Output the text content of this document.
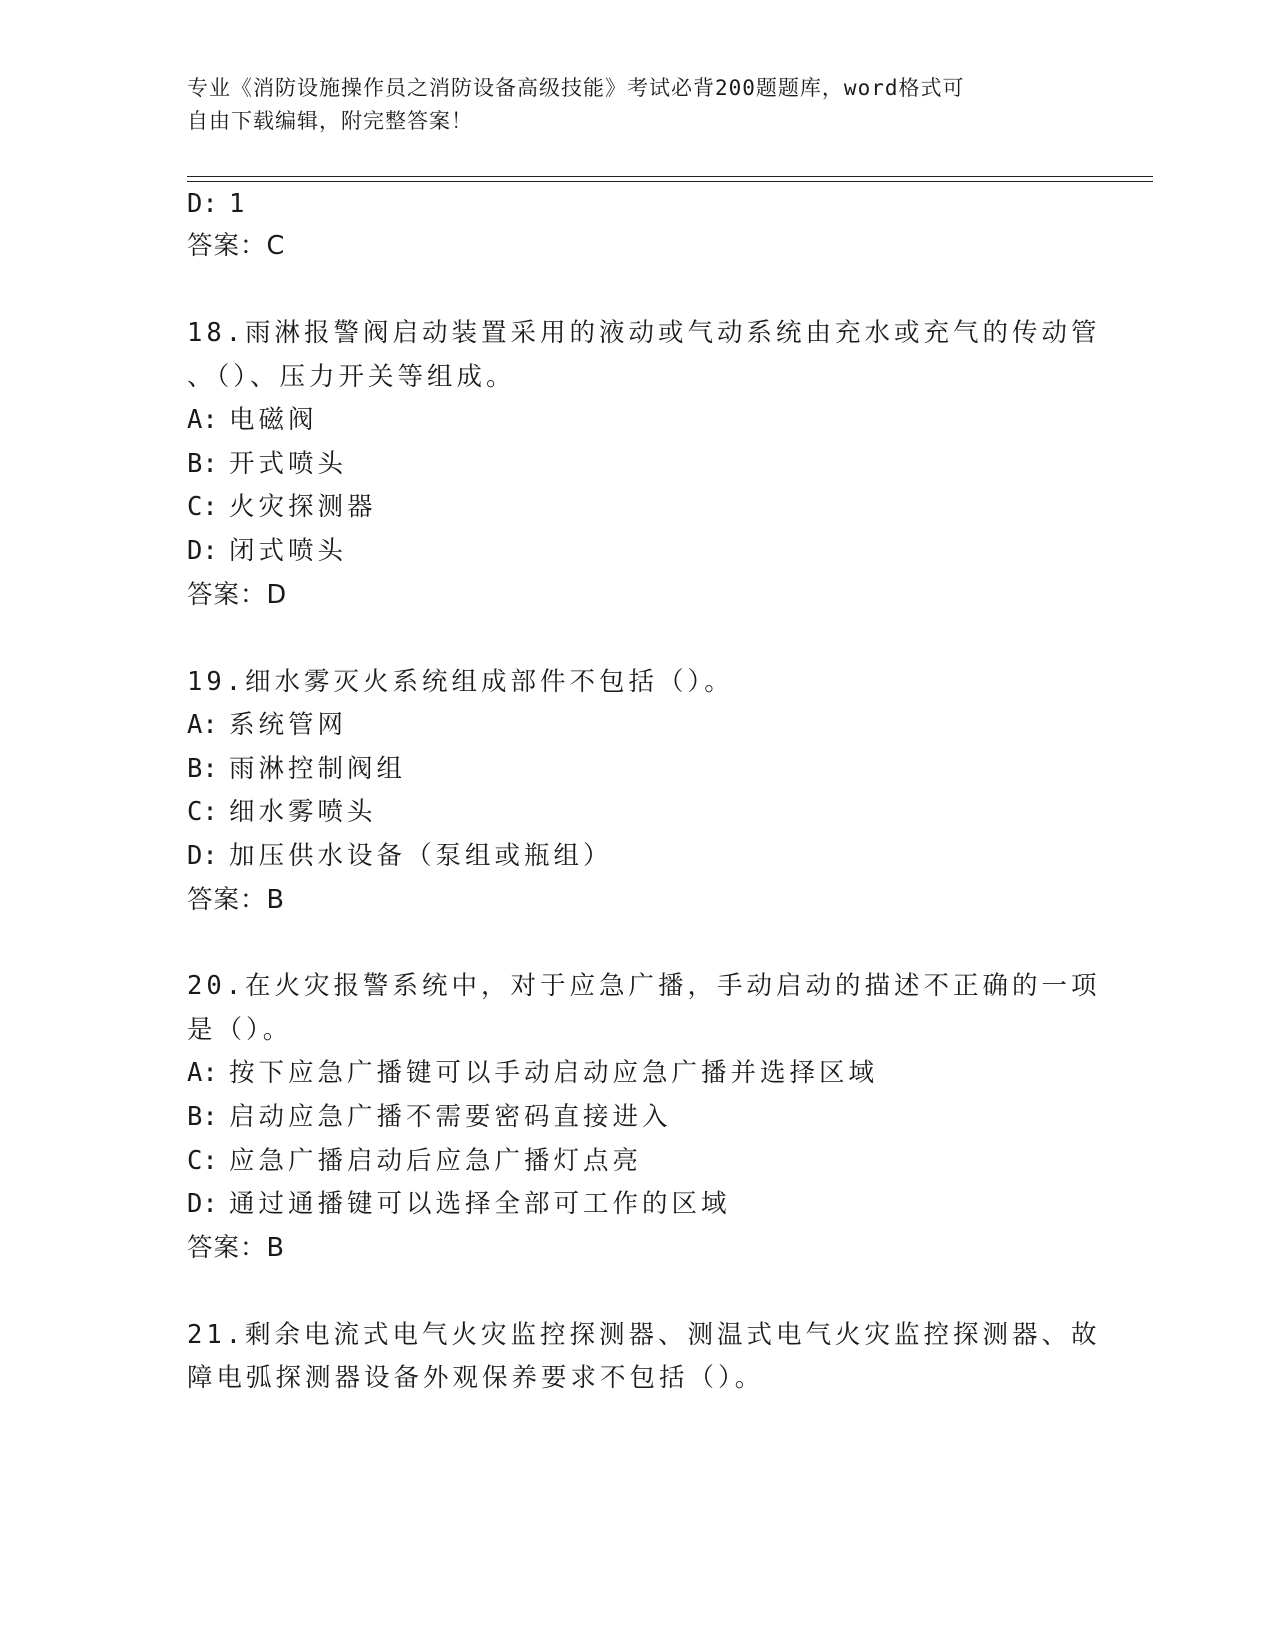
专业《消防设施操作员之消防设备高级技能》考试必背200题题库，word格式可
自由下载编辑，附完整答案！
D: 1
答案：C
18.雨淋报警阀启动装置采用的液动或气动系统由充水或充气的传动管
、（）、压力开关等组成。
A: 电磁阀
B: 开式喷头
C: 火灾探测器
D: 闭式喷头
答案：D
19.细水雾灭火系统组成部件不包括（）。
A: 系统管网
B: 雨淋控制阀组
C: 细水雾喷头
D: 加压供水设备（泵组或瓶组）
答案：B
20.在火灾报警系统中，对于应急广播，手动启动的描述不正确的一项
是（）。
A: 按下应急广播键可以手动启动应急广播并选择区域
B: 启动应急广播不需要密码直接进入
C: 应急广播启动后应急广播灯点亮
D: 通过通播键可以选择全部可工作的区域
答案：B
21.剩余电流式电气火灾监控探测器、测温式电气火灾监控探测器、故
障电弧探测器设备外观保养要求不包括（）。
